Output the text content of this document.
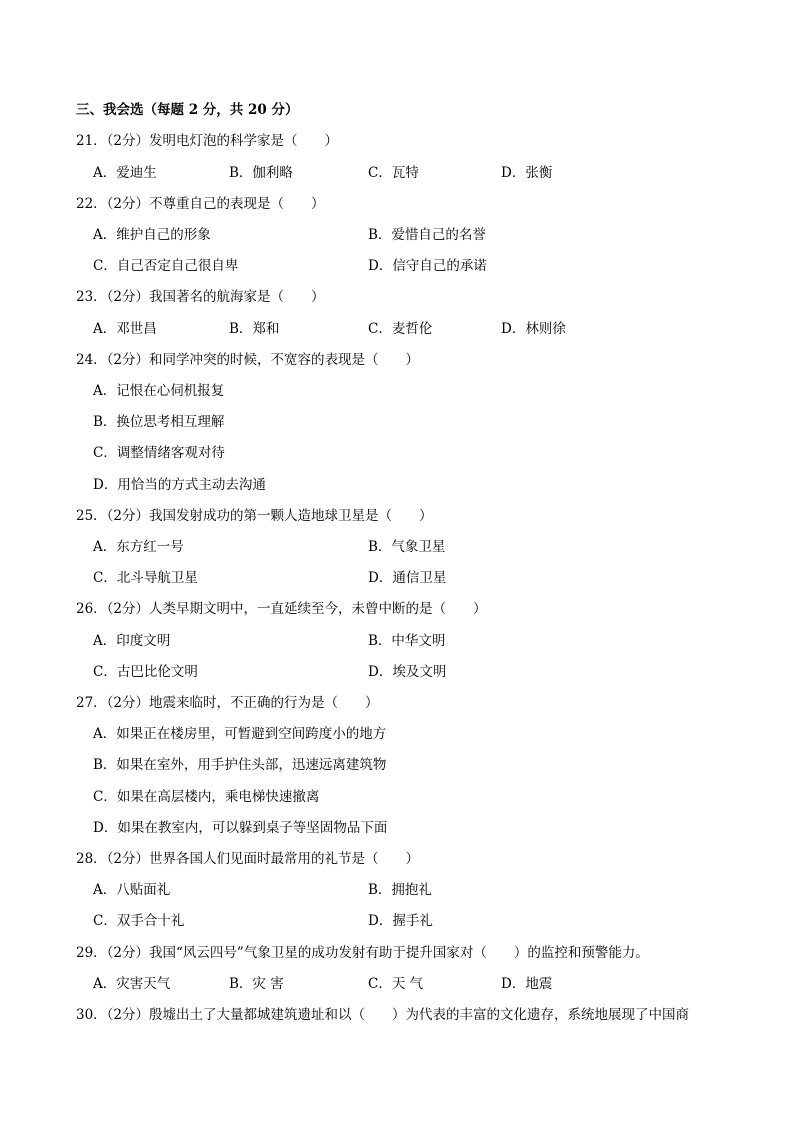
三、我会选（每题 2 分，共 20 分）
21．（2分）发明电灯泡的科学家是（　　）
A．爱迪生	B．伽利略	C．瓦特	D．张衡
22．（2分）不尊重自己的表现是（　　）
A．维护自己的形象	B．爱惜自己的名誉
C．自己否定自己很自卑	D．信守自己的承诺
23．（2分）我国著名的航海家是（　　）
A．邓世昌	B．郑和	C．麦哲伦	D．林则徐
24．（2分）和同学冲突的时候，不宽容的表现是（　　）
A．记恨在心伺机报复
B．换位思考相互理解
C．调整情绪客观对待
D．用恰当的方式主动去沟通
25．（2分）我国发射成功的第一颗人造地球卫星是（　　）
A．东方红一号	B．气象卫星
C．北斗导航卫星	D．通信卫星
26．（2分）人类早期文明中，一直延续至今，未曾中断的是（　　）
A．印度文明	B．中华文明
C．古巴比伦文明	D．埃及文明
27．（2分）地震来临时，不正确的行为是（　　）
A．如果正在楼房里，可暂避到空间跨度小的地方
B．如果在室外，用手护住头部，迅速远离建筑物
C．如果在高层楼内，乘电梯快速撤离
D．如果在教室内，可以躲到桌子等坚固物品下面
28．（2分）世界各国人们见面时最常用的礼节是（　　）
A．八贴面礼	B．拥抱礼
C．双手合十礼	D．握手礼
29．（2分）我国“风云四号”气象卫星的成功发射有助于提升国家对（　　）的监控和预警能力。
A．灾害天气	B．灾 害	C．天 气	D．地震
30．（2分）殷墟出土了大量都城建筑遗址和以（　　）为代表的丰富的文化遗存，系统地展现了中国商
